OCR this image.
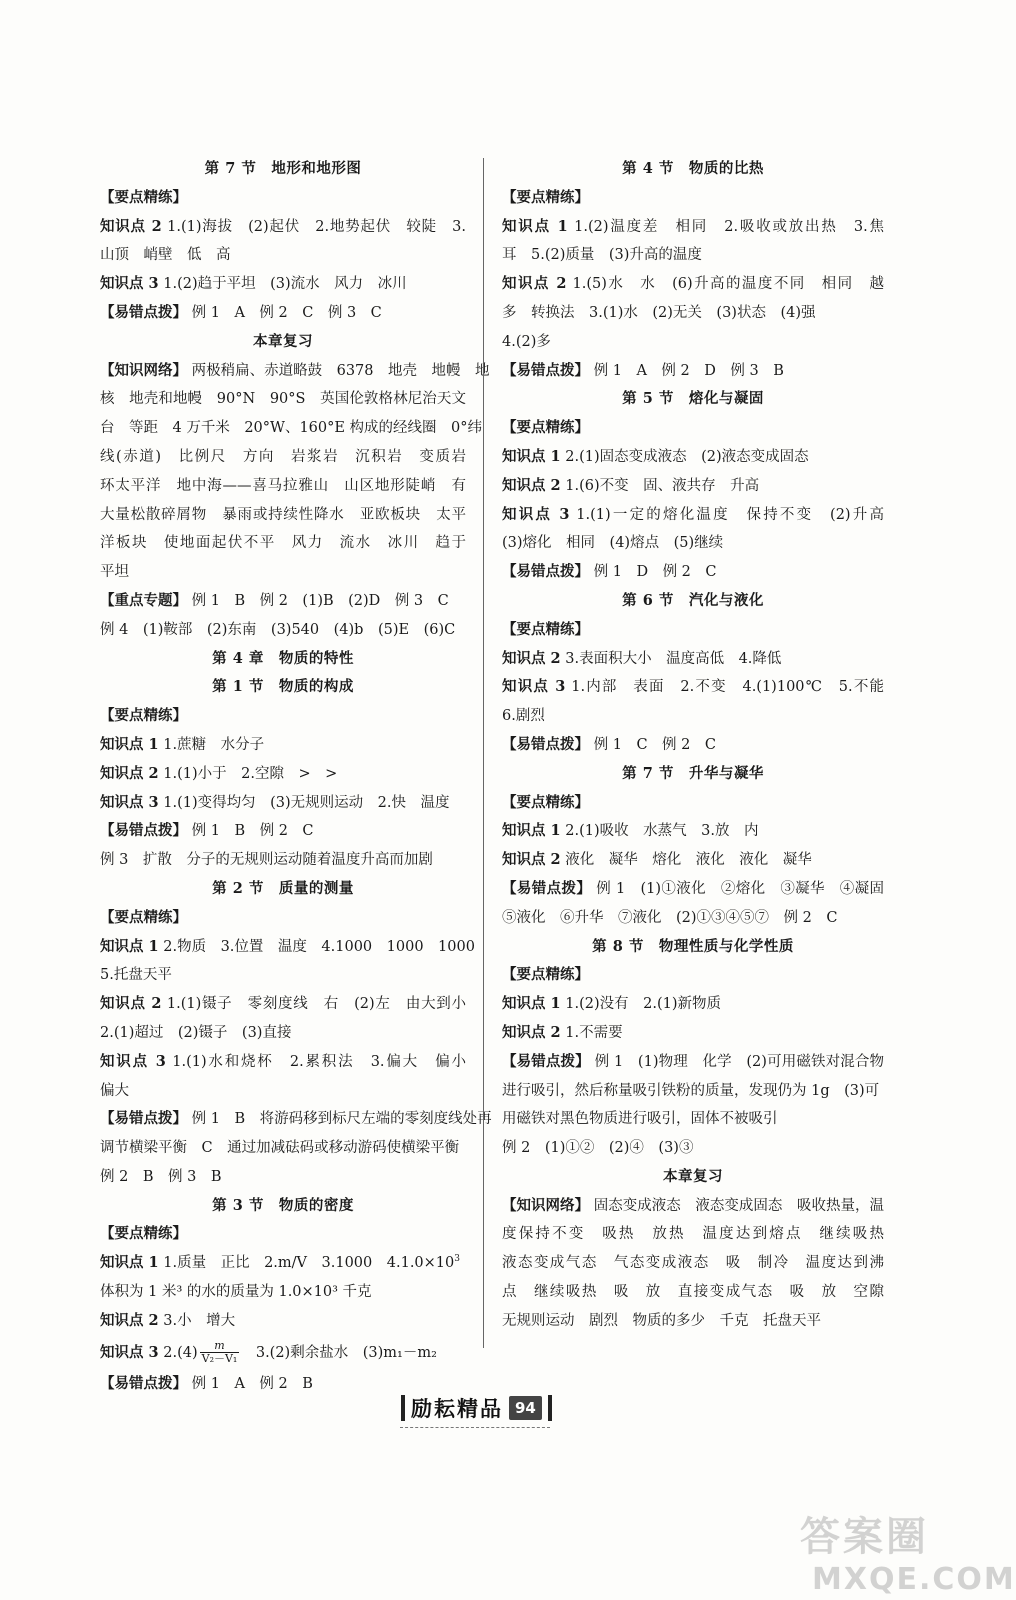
第 7 节　地形和地形图
【要点精练】
知识点 2 1.(1)海拔　(2)起伏　2.地势起伏　较陡　3.
山顶　峭壁　低　高
知识点 3 1.(2)趋于平坦　(3)流水　风力　冰川
【易错点拨】 例 1　A　例 2　C　例 3　C
本章复习
【知识网络】 两极稍扁、赤道略鼓　6378　地壳　地幔　地
核　地壳和地幔　90°N　90°S　英国伦敦格林尼治天文
台　等距　4 万千米　20°W、160°E 构成的经线圈　0°纬
线(赤道)　比例尺　方向　岩浆岩　沉积岩　变质岩
环太平洋　地中海——喜马拉雅山　山区地形陡峭　有
大量松散碎屑物　暴雨或持续性降水　亚欧板块　太平
洋板块　使地面起伏不平　风力　流水　冰川　趋于
平坦
【重点专题】 例 1　B　例 2　(1)B　(2)D　例 3　C
例 4　(1)鞍部　(2)东南　(3)540　(4)b　(5)E　(6)C
第 4 章　物质的特性
第 1 节　物质的构成
【要点精练】
知识点 1 1.蔗糖　水分子
知识点 2 1.(1)小于　2.空隙　>　>
知识点 3 1.(1)变得均匀　(3)无规则运动　2.快　温度
【易错点拨】 例 1　B　例 2　C
例 3　扩散　分子的无规则运动随着温度升高而加剧
第 2 节　质量的测量
【要点精练】
知识点 1 2.物质　3.位置　温度　4.1000　1000　1000
5.托盘天平
知识点 2 1.(1)镊子　零刻度线　右　(2)左　由大到小
2.(1)超过　(2)镊子　(3)直接
知识点 3 1.(1)水和烧杯　2.累积法　3.偏大　偏小
偏大
【易错点拨】 例 1　B　将游码移到标尺左端的零刻度线处再
调节横梁平衡　C　通过加减砝码或移动游码使横梁平衡
例 2　B　例 3　B
第 3 节　物质的密度
【要点精练】
知识点 1 1.质量　正比　2.m/V　3.1000　$4.1.0\times 10^3$
体积为 1 米³ 的水的质量为 1.0×10³ 千克
知识点 2 3.小　增大
知识点 3 $2.(4) \frac{m}{\text{V₂－V₁}}$ 　3.(2)剩余盐水　(3)m₁－m₂
【易错点拨】 例 1　A　例 2　B
第 4 节　物质的比热
【要点精练】
知识点 1 1.(2)温度差　相同　2.吸收或放出热　3.焦
耳　5.(2)质量　(3)升高的温度
知识点 2 1.(5)水　水　(6)升高的温度不同　相同　越
多　转换法　3.(1)水　(2)无关　(3)状态　(4)强
4.(2)多
【易错点拨】 例 1　A　例 2　D　例 3　B
第 5 节　熔化与凝固
【要点精练】
知识点 1 2.(1)固态变成液态　(2)液态变成固态
知识点 2 1.(6)不变　固、液共存　升高
知识点 3 1.(1)一定的熔化温度　保持不变　(2)升高
(3)熔化　相同　(4)熔点　(5)继续
【易错点拨】 例 1　D　例 2　C
第 6 节　汽化与液化
【要点精练】
知识点 2 3.表面积大小　温度高低　4.降低
知识点 3 1.内部　表面　2.不变　4.(1)100℃　5.不能
6.剧烈
【易错点拨】 例 1　C　例 2　C
第 7 节　升华与凝华
【要点精练】
知识点 1 2.(1)吸收　水蒸气　3.放　内
知识点 2 液化　凝华　熔化　液化　液化　凝华
【易错点拨】 例 1　(1)①液化　②熔化　③凝华　④凝固
⑤液化　⑥升华　⑦液化　(2)①③④⑤⑦　例 2　C
第 8 节　物理性质与化学性质
【要点精练】
知识点 1 1.(2)没有　2.(1)新物质
知识点 2 1.不需要
【易错点拨】 例 1　(1)物理　化学　(2)可用磁铁对混合物
进行吸引，然后称量吸引铁粉的质量，发现仍为 1g　(3)可
用磁铁对黑色物质进行吸引，固体不被吸引
例 2　(1)①②　(2)④　(3)③
本章复习
【知识网络】 固态变成液态　液态变成固态　吸收热量，温
度保持不变　吸热　放热　温度达到熔点　继续吸热
液态变成气态　气态变成液态　吸　制冷　温度达到沸
点　继续吸热　吸　放　直接变成气态　吸　放　空隙
无规则运动　剧烈　物质的多少　千克　托盘天平
励耘精品 94
答案圈
MXQE.COM
